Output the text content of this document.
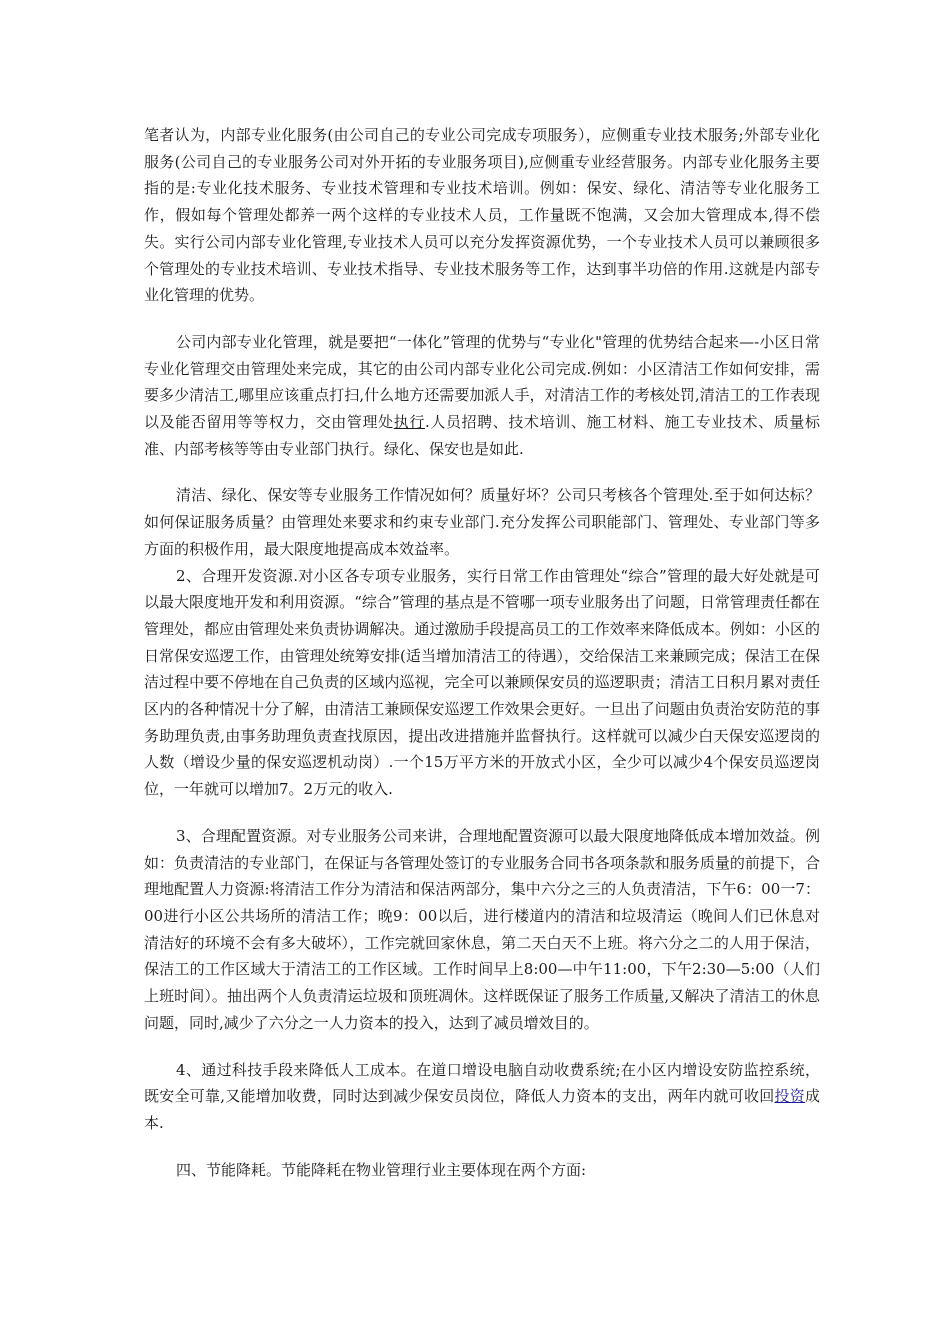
笔者认为，内部专业化服务(由公司自己的专业公司完成专项服务），应侧重专业技术服务;外部专业化服务(公司自己的专业服务公司对外开拓的专业服务项目),应侧重专业经营服务。内部专业化服务主要指的是:专业化技术服务、专业技术管理和专业技术培训。例如：保安、绿化、清洁等专业化服务工作，假如每个管理处都养一两个这样的专业技术人员，工作量既不饱满，又会加大管理成本,得不偿失。实行公司内部专业化管理,专业技术人员可以充分发挥资源优势，一个专业技术人员可以兼顾很多个管理处的专业技术培训、专业技术指导、专业技术服务等工作，达到事半功倍的作用.这就是内部专业化管理的优势。

公司内部专业化管理，就是要把“一体化”管理的优势与“专业化"管理的优势结合起来—-小区日常专业化管理交由管理处来完成，其它的由公司内部专业化公司完成.例如：小区清洁工作如何安排，需要多少清洁工,哪里应该重点打扫,什么地方还需要加派人手，对清洁工作的考核处罚,清洁工的工作表现以及能否留用等等权力，交由管理处执行.人员招聘、技术培训、施工材料、施工专业技术、质量标准、内部考核等等由专业部门执行。绿化、保安也是如此.

清洁、绿化、保安等专业服务工作情况如何？质量好坏？公司只考核各个管理处.至于如何达标？如何保证服务质量？由管理处来要求和约束专业部门.充分发挥公司职能部门、管理处、专业部门等多方面的积极作用，最大限度地提高成本效益率。

2、合理开发资源.对小区各专项专业服务，实行日常工作由管理处“综合”管理的最大好处就是可以最大限度地开发和利用资源。“综合”管理的基点是不管哪一项专业服务出了问题，日常管理责任都在管理处，都应由管理处来负责协调解决。通过激励手段提高员工的工作效率来降低成本。例如：小区的日常保安巡逻工作，由管理处统筹安排(适当增加清洁工的待遇），交给保洁工来兼顾完成；保洁工在保洁过程中要不停地在自己负责的区域内巡视，完全可以兼顾保安员的巡逻职责；清洁工日积月累对责任区内的各种情况十分了解，由清洁工兼顾保安巡逻工作效果会更好。一旦出了问题由负责治安防范的事务助理负责,由事务助理负责查找原因，提出改进措施并监督执行。这样就可以减少白天保安巡逻岗的人数（增设少量的保安巡逻机动岗）.一个15万平方米的开放式小区，全少可以减少4个保安员巡逻岗位，一年就可以增加7。2万元的收入.

3、合理配置资源。对专业服务公司来讲，合理地配置资源可以最大限度地降低成本增加效益。例如：负责清洁的专业部门，在保证与各管理处签订的专业服务合同书各项条款和服务质量的前提下，合理地配置人力资源:将清洁工作分为清洁和保洁两部分，集中六分之三的人负责清洁，下午6：00一7：00进行小区公共场所的清洁工作；晚9：00以后，进行楼道内的清洁和垃圾清运（晚间人们已休息对清洁好的环境不会有多大破坏），工作完就回家休息，第二天白天不上班。将六分之二的人用于保洁，保洁工的工作区域大于清洁工的工作区域。工作时间早上8:00—中午11:00，下午2:30—5:00（人们上班时间）。抽出两个人负责清运垃圾和顶班凋休。这样既保证了服务工作质量,又解决了清洁工的休息问题，同时,减少了六分之一人力资本的投入，达到了减员增效目的。

4、通过科技手段来降低人工成本。在道口增设电脑自动收费系统;在小区内增设安防监控系统，既安全可靠,又能增加收费，同时达到减少保安员岗位，降低人力资本的支出，两年内就可收回投资成本.

四、节能降耗。节能降耗在物业管理行业主要体现在两个方面:
